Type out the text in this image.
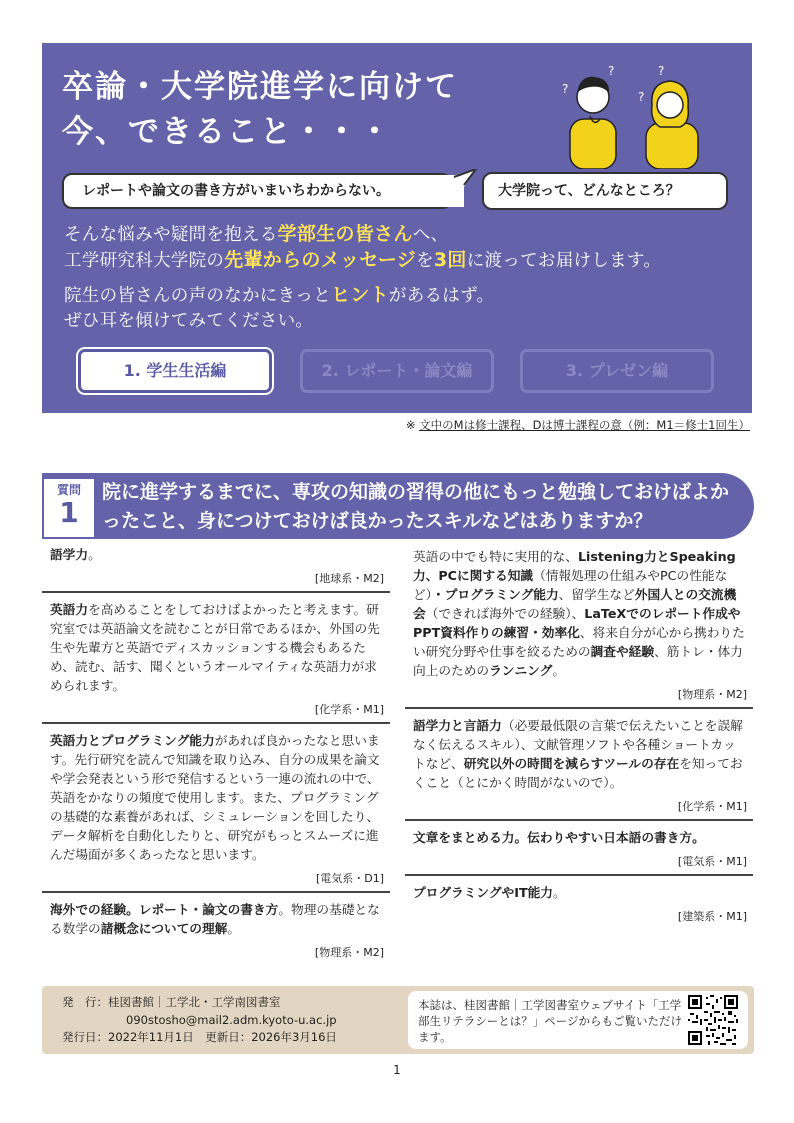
卒論・大学院進学に向けて
今、できること・・・
?
?
?
?
レポートや論文の書き方がいまいちわからない。	大学院って、どんなところ？
そんな悩みや疑問を抱える学部生の皆さんへ、
工学研究科大学院の先輩からのメッセージを3回に渡ってお届けします。
院生の皆さんの声のなかにきっとヒントがあるはず。
ぜひ耳を傾けてみてください。
1. 学生生活編	2. レポート・論文編	3. プレゼン編
※ 文中のMは修士課程、Dは博士課程の意（例：M1＝修士1回生）
質問
1
院に進学するまでに、専攻の知識の習得の他にもっと勉強しておけばよかったこと、身につけておけば良かったスキルなどはありますか？

語学力。

[地球系・M2]

英語力を高めることをしておけばよかったと考えます。研究室では英語論文を読むことが日常であるほか、外国の先生や先輩方と英語でディスカッションする機会もあるため、読む、話す、聞くというオールマイティな英語力が求められます。

[化学系・M1]

英語力とプログラミング能力があれば良かったなと思います。先行研究を読んで知識を取り込み、自分の成果を論文や学会発表という形で発信するという一連の流れの中で、英語をかなりの頻度で使用します。また、プログラミングの基礎的な素養があれば、シミュレーションを回したり、データ解析を自動化したりと、研究がもっとスムーズに進んだ場面が多くあったなと思います。

[電気系・D1]

海外での経験。レポート・論文の書き方。物理の基礎となる数学の諸概念についての理解。

[物理系・M2]

英語の中でも特に実用的な、Listening力とSpeaking力、PCに関する知識（情報処理の仕組みやPCの性能など）・プログラミング能力、留学生など外国人との交流機会（できれば海外での経験）、LaTeXでのレポート作成やPPT資料作りの練習・効率化、将来自分が心から携わりたい研究分野や仕事を絞るための調査や経験、筋トレ・体力向上のためのランニング。

[物理系・M2]

語学力と言語力（必要最低限の言葉で伝えたいことを誤解なく伝えるスキル）、文献管理ソフトや各種ショートカットなど、研究以外の時間を減らすツールの存在を知っておくこと（とにかく時間がないので）。

[化学系・M1]

文章をまとめる力。伝わりやすい日本語の書き方。

[電気系・M1]

プログラミングやIT能力。

[建築系・M1]
発　行：桂図書館｜工学北・工学南図書室
090stosho@mail2.adm.kyoto-u.ac.jp
発行日：2022年11月1日　 更新日：2026年3月16日

本誌は、桂図書館｜工学図書室ウェブサイト「工学部生リテラシーとは？」ページからもご覧いただけます。

1
